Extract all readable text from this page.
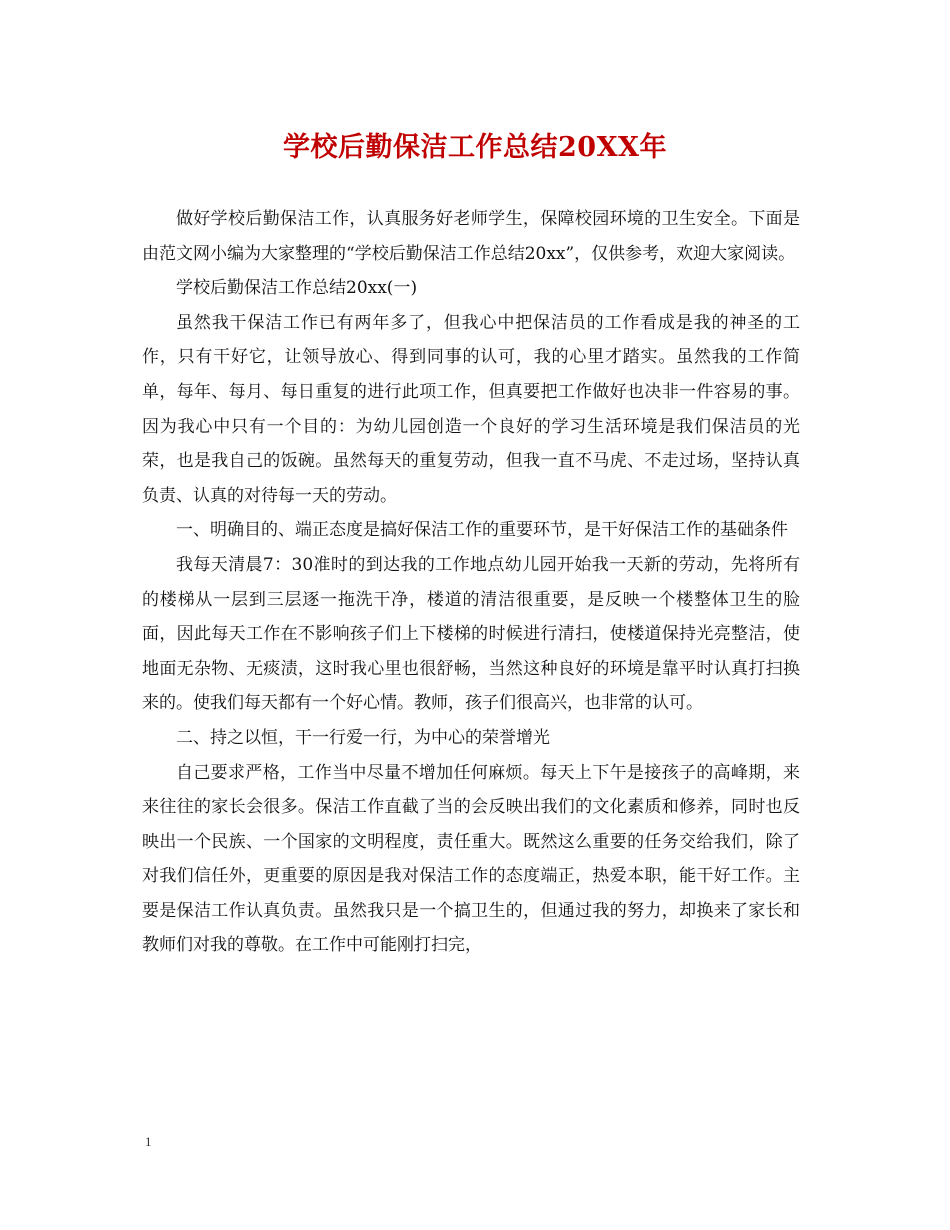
学校后勤保洁工作总结20XX年

做好学校后勤保洁工作，认真服务好老师学生，保障校园环境的卫生安全。下面是由范文网小编为大家整理的“学校后勤保洁工作总结20xx”，仅供参考，欢迎大家阅读。

学校后勤保洁工作总结20xx(一)

虽然我干保洁工作已有两年多了，但我心中把保洁员的工作看成是我的神圣的工作，只有干好它，让领导放心、得到同事的认可，我的心里才踏实。虽然我的工作简单，每年、每月、每日重复的进行此项工作，但真要把工作做好也决非一件容易的事。因为我心中只有一个目的：为幼儿园创造一个良好的学习生活环境是我们保洁员的光荣，也是我自己的饭碗。虽然每天的重复劳动，但我一直不马虎、不走过场，坚持认真负责、认真的对待每一天的劳动。

一、明确目的、端正态度是搞好保洁工作的重要环节，是干好保洁工作的基础条件

我每天清晨7：30准时的到达我的工作地点幼儿园开始我一天新的劳动，先将所有的楼梯从一层到三层逐一拖洗干净，楼道的清洁很重要，是反映一个楼整体卫生的脸面，因此每天工作在不影响孩子们上下楼梯的时候进行清扫，使楼道保持光亮整洁，使地面无杂物、无痰渍，这时我心里也很舒畅，当然这种良好的环境是靠平时认真打扫换来的。使我们每天都有一个好心情。教师，孩子们很高兴，也非常的认可。

二、持之以恒，干一行爱一行，为中心的荣誉增光

自己要求严格，工作当中尽量不增加任何麻烦。每天上下午是接孩子的高峰期，来来往往的家长会很多。保洁工作直截了当的会反映出我们的文化素质和修养，同时也反映出一个民族、一个国家的文明程度，责任重大。既然这么重要的任务交给我们，除了对我们信任外，更重要的原因是我对保洁工作的态度端正，热爱本职，能干好工作。主要是保洁工作认真负责。虽然我只是一个搞卫生的，但通过我的努力，却换来了家长和教师们对我的尊敬。在工作中可能刚打扫完，

1
